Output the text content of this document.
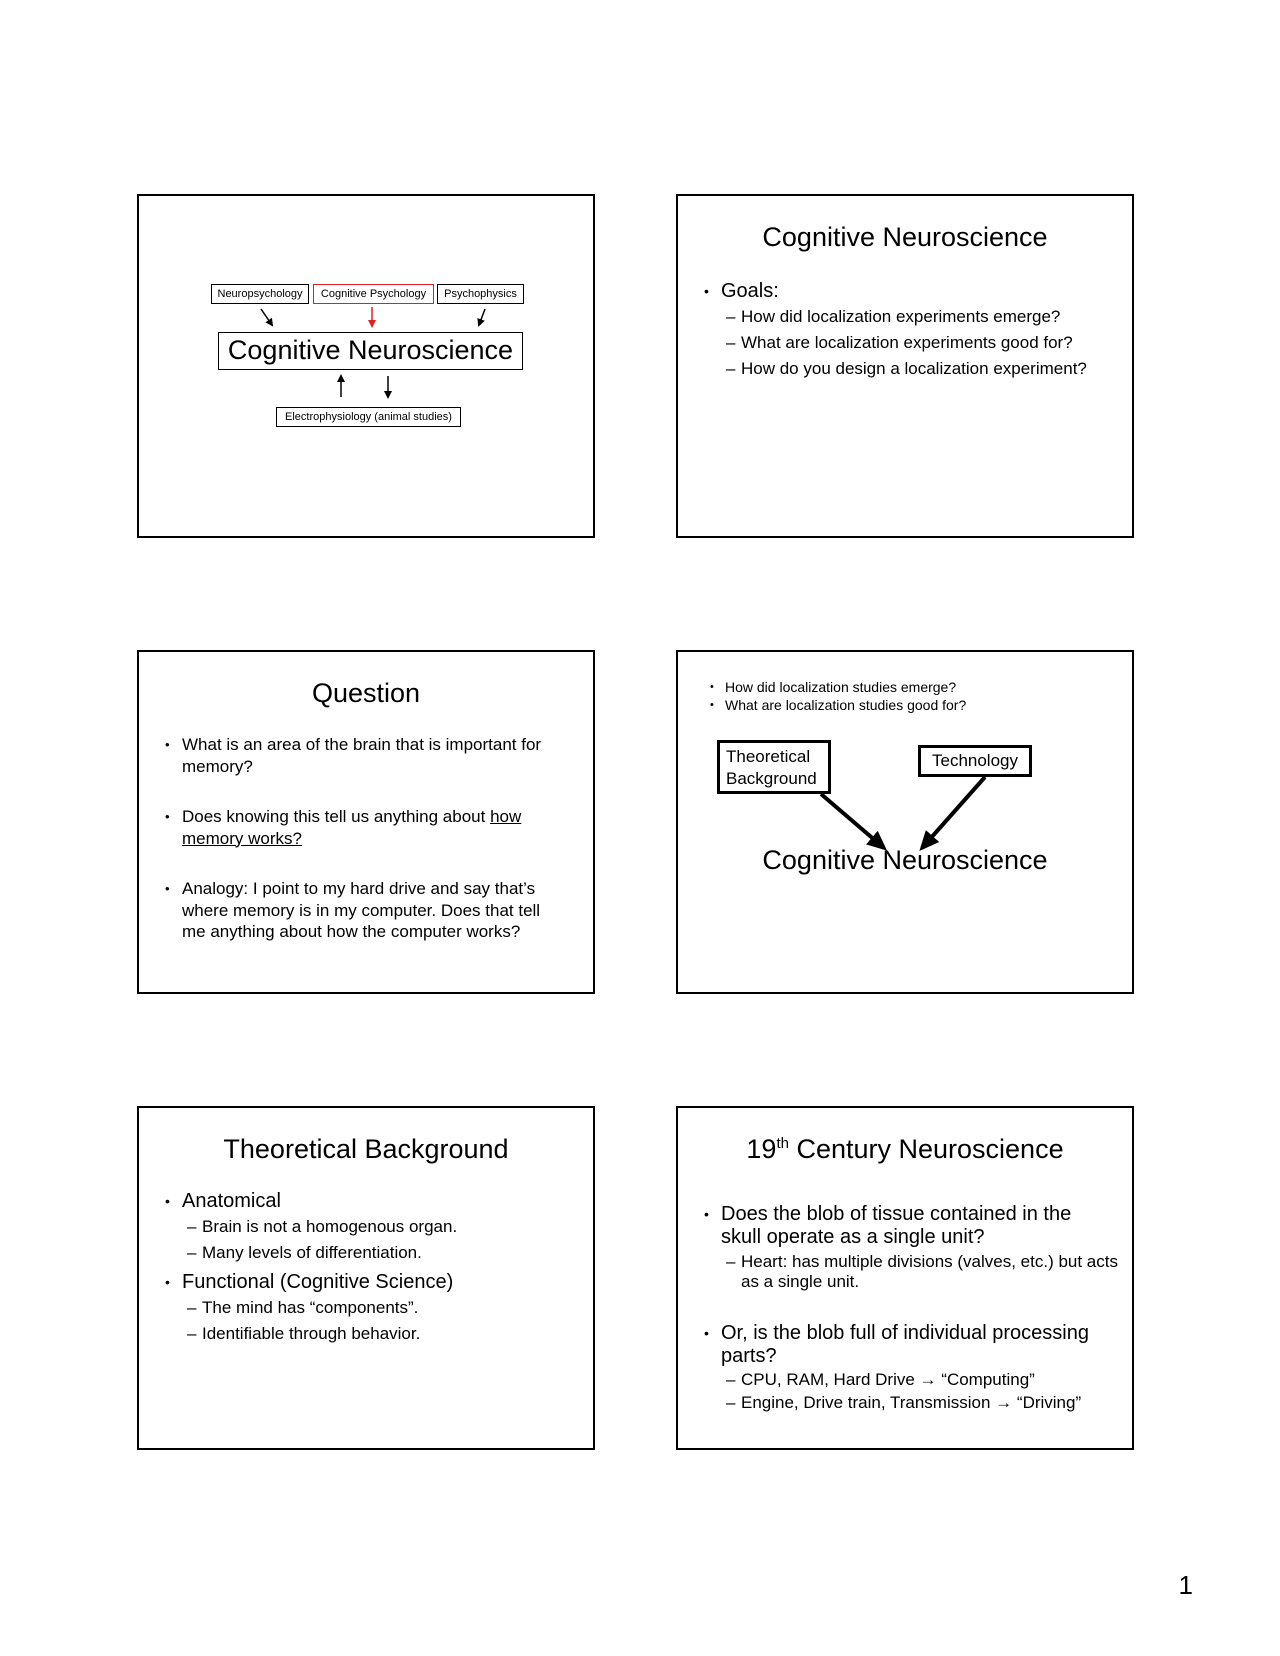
Neuropsychology	Cognitive Psychology	Psychophysics
Cognitive Neuroscience
Electrophysiology (animal studies)
Cognitive Neuroscience
• Goals:
– How did localization experiments emerge?
– What are localization experiments good for?
– How do you design a localization experiment?
Question
• What is an area of the brain that is important for memory?
• Does knowing this tell us anything about how memory works?
• Analogy: I point to my hard drive and say that’s where memory is in my computer. Does that tell me anything about how the computer works?
• How did localization studies emerge?
• What are localization studies good for?
Theoretical
Background
Technology
Cognitive Neuroscience
Theoretical Background
• Anatomical
– Brain is not a homogenous organ.
– Many levels of differentiation.
• Functional (Cognitive Science)
– The mind has “components”.
– Identifiable through behavior.
19th Century Neuroscience
• Does the blob of tissue contained in the skull operate as a single unit?
– Heart: has multiple divisions (valves, etc.) but acts as a single unit.
• Or, is the blob full of individual processing parts?
– CPU, RAM, Hard Drive → “Computing”
– Engine, Drive train, Transmission → “Driving”
1
